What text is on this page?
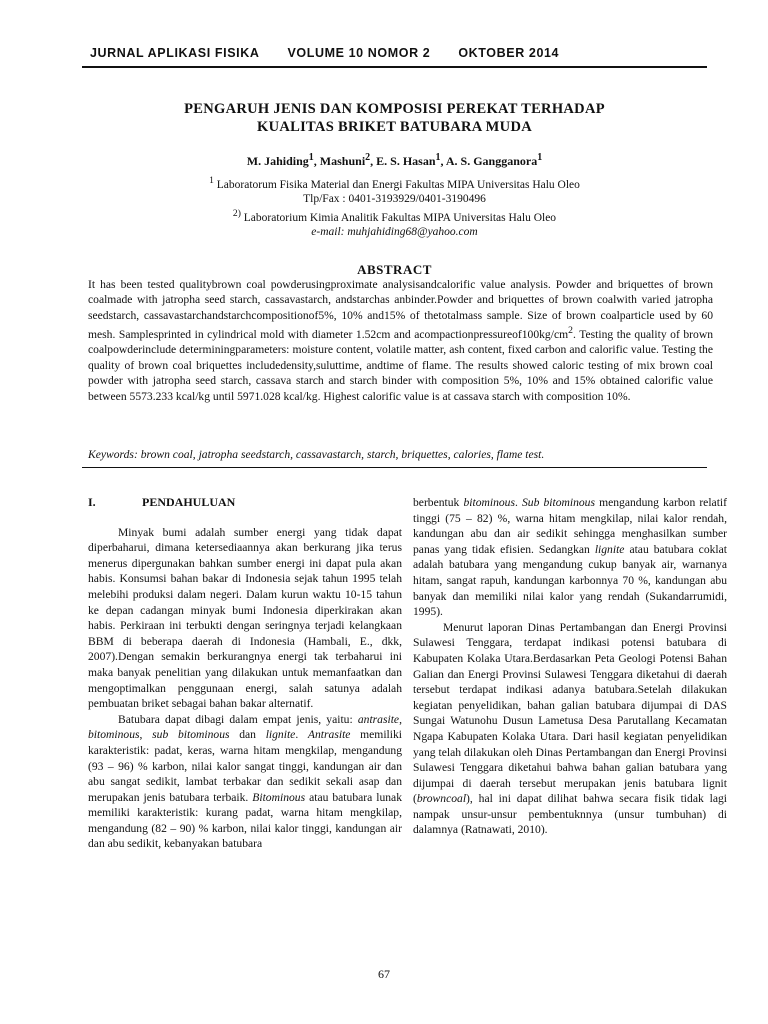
JURNAL APLIKASI FISIKA VOLUME 10 NOMOR 2 OKTOBER 2014
PENGARUH JENIS DAN KOMPOSISI PEREKAT TERHADAP
KUALITAS BRIKET BATUBARA MUDA
M. Jahiding$^1$, Mashuni$^2$, E. S. Hasan$^1$, A. S. Gangganora$^1$
$^1$ Laboratorum Fisika Material dan Energi Fakultas MIPA Universitas Halu Oleo
Tlp/Fax : 0401-3193929/0401-3190496
$^{2)}$ Laboratorium Kimia Analitik Fakultas MIPA Universitas Halu Oleo
e-mail: muhjahiding68@yahoo.com
ABSTRACT
It has been tested qualitybrown coal powderusingproximate analysisandcalorific value analysis. Powder and briquettes of brown coalmade with jatropha seed starch, cassavastarch, andstarchas anbinder.Powder and briquettes of brown coalwith varied jatropha seedstarch, cassavastarchandstarchcompositionof5%, 10% and15% of thetotalmass sample. Size of brown coalparticle used by 60 mesh. Samplesprinted in cylindrical mold with diameter 1.52cm and $acompactionpressureof100kg/cm^2$. Testing the quality of brown coalpowderinclude determiningparameters: moisture content, volatile matter, ash content, fixed carbon and calorific value. Testing the quality of brown coal briquettes includedensity,suluttime, andtime of flame. The results showed caloric testing of mix brown coal powder with jatropha seed starch, cassava starch and starch binder with composition 5%, 10% and 15% obtained calorific value between 5573.233 kcal/kg until 5971.028 kcal/kg. Highest calorific value is at cassava starch with composition 10%.
Keywords: brown coal, jatropha seedstarch, cassavastarch, starch, briquettes, calories, flame test.
I.	PENDAHULUAN

Minyak bumi adalah sumber energi yang tidak dapat diperbaharui, dimana ketersediaannya akan berkurang jika terus menerus dipergunakan bahkan sumber energi ini dapat pula akan habis. Konsumsi bahan bakar di Indonesia sejak tahun 1995 telah melebihi produksi dalam negeri. Dalam kurun waktu 10-15 tahun ke depan cadangan minyak bumi Indonesia diperkirakan akan habis. Perkiraan ini terbukti dengan seringnya terjadi kelangkaan BBM di beberapa daerah di Indonesia (Hambali, E., dkk, 2007).Dengan semakin berkurangnya energi tak terbaharui ini maka banyak penelitian yang dilakukan untuk memanfaatkan dan mengoptimalkan penggunaan energi, salah satunya adalah pembuatan briket sebagai bahan bakar alternatif.

Batubara dapat dibagi dalam empat jenis, yaitu: antrasite, bitominous, sub bitominous dan lignite. Antrasite memiliki karakteristik: padat, keras, warna hitam mengkilap, mengandung (93 – 96) % karbon, nilai kalor sangat tinggi, kandungan air dan abu sangat sedikit, lambat terbakar dan sedikit sekali asap dan merupakan jenis batubara terbaik. Bitominous atau batubara lunak memiliki karakteristik: kurang padat, warna hitam mengkilap, mengandung (82 – 90) % karbon, nilai kalor tinggi, kandungan air dan abu sedikit, kebanyakan batubara

berbentuk bitominous. Sub bitominous mengandung karbon relatif tinggi (75 – 82) %, warna hitam mengkilap, nilai kalor rendah, kandungan abu dan air sedikit sehingga menghasilkan sumber panas yang tidak efisien. Sedangkan lignite atau batubara coklat adalah batubara yang mengandung cukup banyak air, warnanya hitam, sangat rapuh, kandungan karbonnya 70 %, kandungan abu banyak dan memiliki nilai kalor yang rendah (Sukandarrumidi, 1995).

Menurut laporan Dinas Pertambangan dan Energi Provinsi Sulawesi Tenggara, terdapat indikasi potensi batubara di Kabupaten Kolaka Utara.Berdasarkan Peta Geologi Potensi Bahan Galian dan Energi Provinsi Sulawesi Tenggara diketahui di daerah tersebut terdapat indikasi adanya batubara.Setelah dilakukan kegiatan penyelidikan, bahan galian batubara dijumpai di DAS Sungai Watunohu Dusun Lametusa Desa Parutallang Kecamatan Ngapa Kabupaten Kolaka Utara. Dari hasil kegiatan penyelidikan yang telah dilakukan oleh Dinas Pertambangan dan Energi Provinsi Sulawesi Tenggara diketahui bahwa bahan galian batubara yang dijumpai di daerah tersebut merupakan jenis batubara lignit (browncoal), hal ini dapat dilihat bahwa secara fisik tidak lagi nampak unsur-unsur pembentuknnya (unsur tumbuhan) di dalamnya (Ratnawati, 2010).

67
